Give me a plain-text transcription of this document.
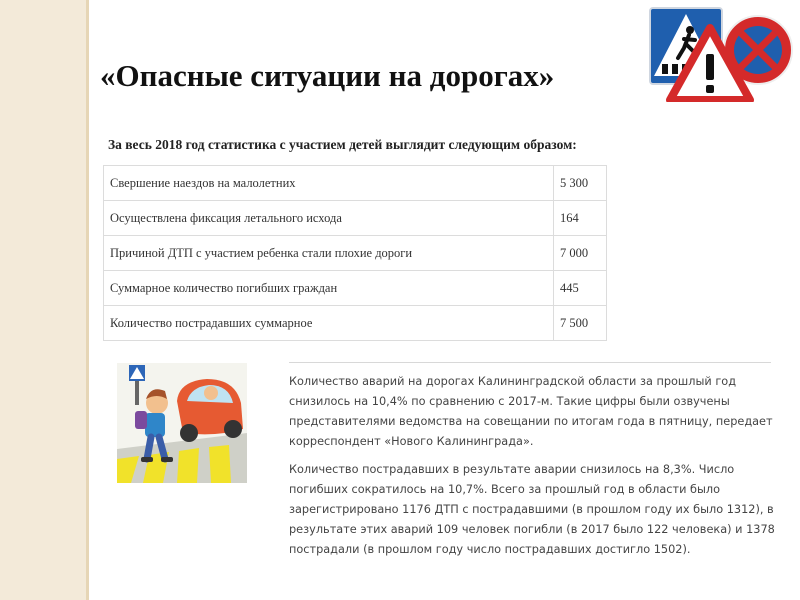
«Опасные ситуации на дорогах»
За весь 2018 год статистика с участием детей выглядит следующим образом:
Свершение наездов на малолетних	5 300
Осуществлена фиксация летального исхода	164
Причиной ДТП с участием ребенка стали плохие дороги	7 000
Суммарное количество погибших граждан	445
Количество пострадавших суммарное	7 500

Количество аварий на дорогах Калининградской области за прошлый год снизилось на 10,4% по сравнению с 2017-м. Такие цифры были озвучены представителями ведомства на совещании по итогам года в пятницу, передает корреспондент «Нового Калининграда».

Количество пострадавших в результате аварии снизилось на 8,3%. Число погибших сократилось на 10,7%. Всего за прошлый год в области было зарегистрировано 1176 ДТП с пострадавшими (в прошлом году их было 1312), в результате этих аварий 109 человек погибли (в 2017 было 122 человека) и 1378 пострадали (в прошлом году число пострадавших достигло 1502).
